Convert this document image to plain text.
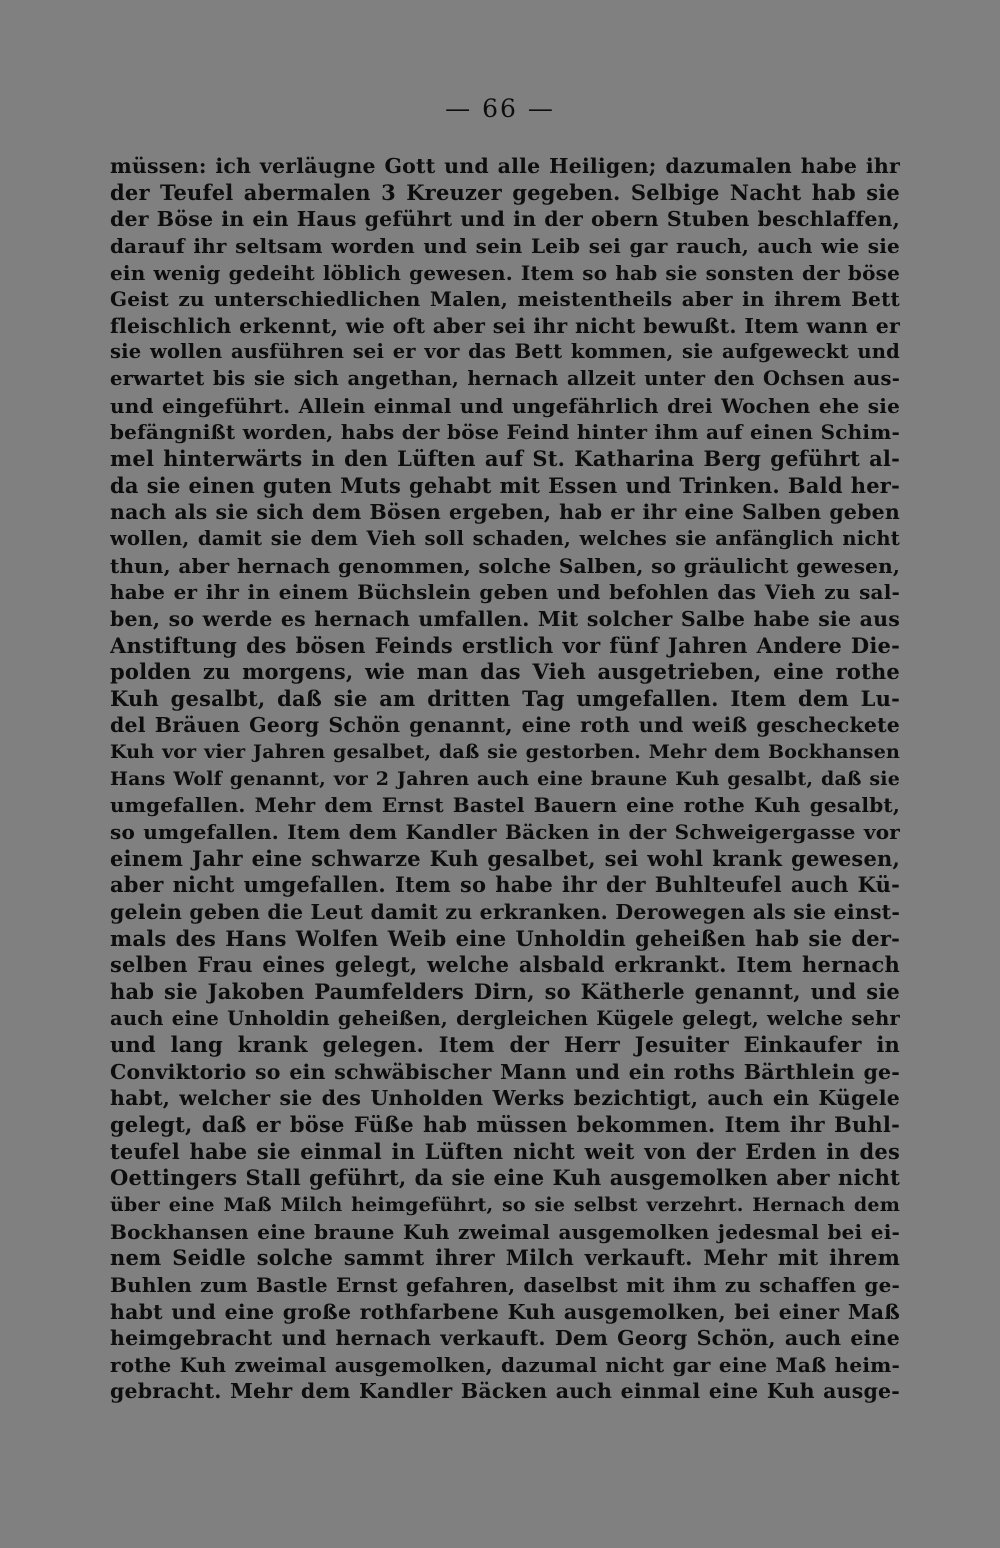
— 66 —
müssen: ich verläugne Gott und alle Heiligen; dazumalen habe ihr
der Teufel abermalen 3 Kreuzer gegeben. Selbige Nacht hab sie
der Böse in ein Haus geführt und in der obern Stuben beschlaffen,
darauf ihr seltsam worden und sein Leib sei gar rauch, auch wie sie
ein wenig gedeiht löblich gewesen. Item so hab sie sonsten der böse
Geist zu unterschiedlichen Malen, meistentheils aber in ihrem Bett
fleischlich erkennt, wie oft aber sei ihr nicht bewußt. Item wann er
sie wollen ausführen sei er vor das Bett kommen, sie aufgeweckt und
erwartet bis sie sich angethan, hernach allzeit unter den Ochsen aus-
und eingeführt. Allein einmal und ungefährlich drei Wochen ehe sie
befängnißt worden, habs der böse Feind hinter ihm auf einen Schim-
mel hinterwärts in den Lüften auf St. Katharina Berg geführt al-
da sie einen guten Muts gehabt mit Essen und Trinken. Bald her-
nach als sie sich dem Bösen ergeben, hab er ihr eine Salben geben
wollen, damit sie dem Vieh soll schaden, welches sie anfänglich nicht
thun, aber hernach genommen, solche Salben, so gräulicht gewesen,
habe er ihr in einem Büchslein geben und befohlen das Vieh zu sal-
ben, so werde es hernach umfallen. Mit solcher Salbe habe sie aus
Anstiftung des bösen Feinds erstlich vor fünf Jahren Andere Die-
polden zu morgens, wie man das Vieh ausgetrieben, eine rothe
Kuh gesalbt, daß sie am dritten Tag umgefallen. Item dem Lu-
del Bräuen Georg Schön genannt, eine roth und weiß gescheckete
Kuh vor vier Jahren gesalbet, daß sie gestorben. Mehr dem Bockhansen
Hans Wolf genannt, vor 2 Jahren auch eine braune Kuh gesalbt, daß sie
umgefallen. Mehr dem Ernst Bastel Bauern eine rothe Kuh gesalbt,
so umgefallen. Item dem Kandler Bäcken in der Schweigergasse vor
einem Jahr eine schwarze Kuh gesalbet, sei wohl krank gewesen,
aber nicht umgefallen. Item so habe ihr der Buhlteufel auch Kü-
gelein geben die Leut damit zu erkranken. Derowegen als sie einst-
mals des Hans Wolfen Weib eine Unholdin geheißen hab sie der-
selben Frau eines gelegt, welche alsbald erkrankt. Item hernach
hab sie Jakoben Paumfelders Dirn, so Kätherle genannt, und sie
auch eine Unholdin geheißen, dergleichen Kügele gelegt, welche sehr
und lang krank gelegen. Item der Herr Jesuiter Einkaufer in
Conviktorio so ein schwäbischer Mann und ein roths Bärthlein ge-
habt, welcher sie des Unholden Werks bezichtigt, auch ein Kügele
gelegt, daß er böse Füße hab müssen bekommen. Item ihr Buhl-
teufel habe sie einmal in Lüften nicht weit von der Erden in des
Oettingers Stall geführt, da sie eine Kuh ausgemolken aber nicht
über eine Maß Milch heimgeführt, so sie selbst verzehrt. Hernach dem
Bockhansen eine braune Kuh zweimal ausgemolken jedesmal bei ei-
nem Seidle solche sammt ihrer Milch verkauft. Mehr mit ihrem
Buhlen zum Bastle Ernst gefahren, daselbst mit ihm zu schaffen ge-
habt und eine große rothfarbene Kuh ausgemolken, bei einer Maß
heimgebracht und hernach verkauft. Dem Georg Schön, auch eine
rothe Kuh zweimal ausgemolken, dazumal nicht gar eine Maß heim-
gebracht. Mehr dem Kandler Bäcken auch einmal eine Kuh ausge-
